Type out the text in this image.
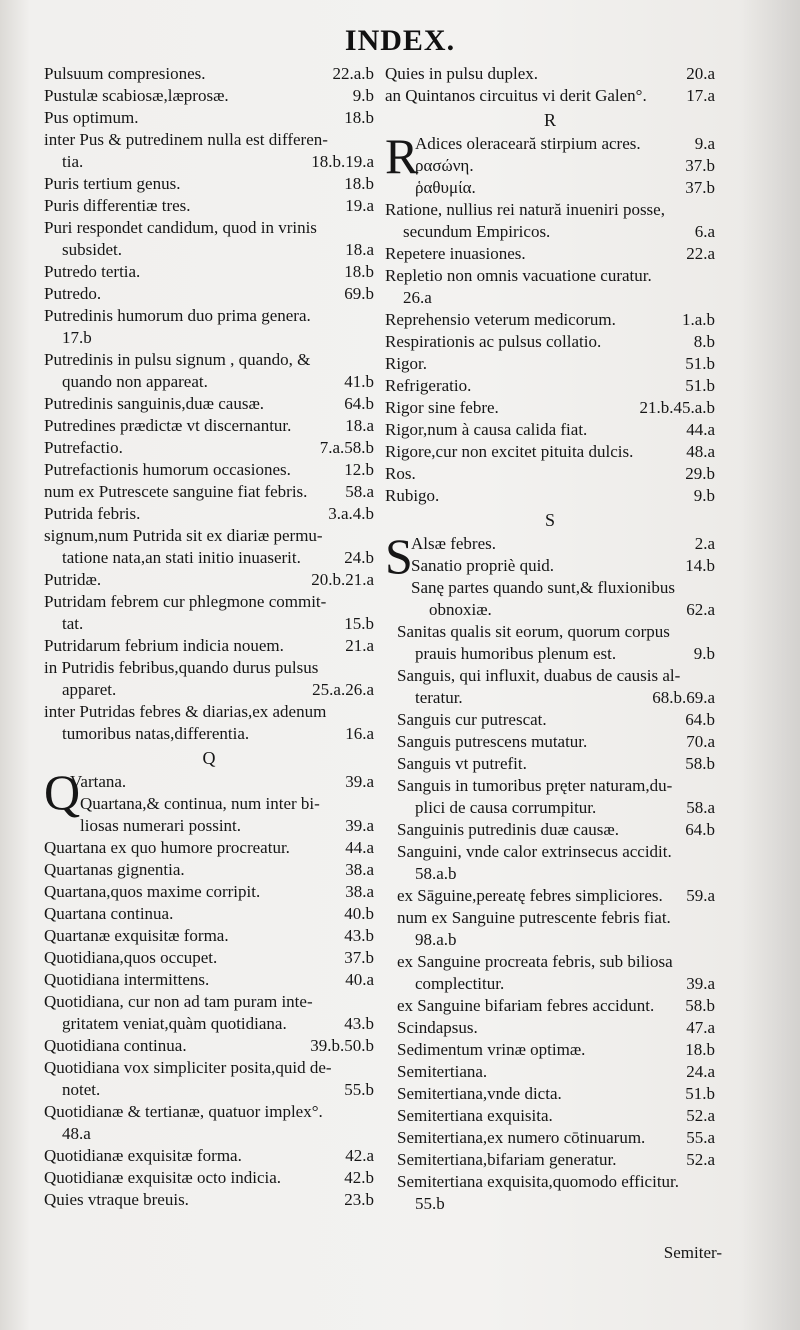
INDEX.
Pulsuum compresiones.	22.a.b
Pustulæ scabiosæ,læprosæ.	9.b
Pus optimum.	18.b
inter Pus & putredinem nulla est differen-
tia.	18.b.19.a
Puris tertium genus.	18.b
Puris differentiæ tres.	19.a
Puri respondet candidum, quod in vrinis
subsidet.	18.a
Putredo tertia.	18.b
Putredo.	69.b
Putredinis humorum duo prima genera.
17.b
Putredinis in pulsu signum , quando, &
quando non appareat.	41.b
Putredinis sanguinis,duæ causæ.	64.b
Putredines prædictæ vt discernantur.	18.a
Putrefactio.	7.a.58.b
Putrefactionis humorum occasiones.	12.b
num ex Putrescete sanguine fiat febris. 58.a
Putrida febris.	3.a.4.b
signum,num Putrida sit ex diariæ permu-
tatione nata,an stati initio inuaserit.	24.b
Putridæ.	20.b.21.a
Putridam febrem cur phlegmone commit-
tat.	15.b
Putridarum febrium indicia nouem.	21.a
in Putridis febribus,quando durus pulsus
apparet.	25.a.26.a
inter Putridas febres & diarias,ex adenum
tumoribus natas,differentia.	16.a
Q
Q
Vartana.	39.a
Quartana,& continua, num inter bi-
liosas numerari possint.	39.a
Quartana ex quo humore procreatur.	44.a
Quartanas gignentia.	38.a
Quartana,quos maxime corripit.	38.a
Quartana continua.	40.b
Quartanæ exquisitæ forma.	43.b
Quotidiana,quos occupet.	37.b
Quotidiana intermittens.	40.a
Quotidiana, cur non ad tam puram inte-
gritatem veniat,quàm quotidiana.	43.b
Quotidiana continua.	39.b.50.b
Quotidiana vox simpliciter posita,quid de-
notet.	55.b
Quotidianæ & tertianæ, quatuor implex°.
48.a
Quotidianæ exquisitæ forma.	42.a
Quotidianæ exquisitæ octo indicia.	42.b
Quies vtraque breuis.	23.b
Quies in pulsu duplex.	20.a
an Quintanos circuitus vi derit Galen°. 17.a
R
R
Adices oleraceară stirpium acres.	9.a
ρασώνη.	37.b
ῥαθυμία.	37.b
Ratione, nullius rei natură inueniri posse,
secundum Empiricos.	6.a
Repetere inuasiones.	22.a
Repletio non omnis vacuatione curatur.
26.a
Reprehensio veterum medicorum.	1.a.b
Respirationis ac pulsus collatio.	8.b
Rigor.	51.b
Refrigeratio.	51.b
Rigor sine febre.	21.b.45.a.b
Rigor,num à causa calida fiat.	44.a
Rigore,cur non excitet pituita dulcis.	48.a
Ros.	29.b
Rubigo.	9.b
S
S
Alsæ febres.	2.a
Sanatio propriè quid.	14.b
Sanę partes quando sunt,& fluxionibus
obnoxiæ.	62.a
Sanitas qualis sit eorum, quorum corpus
prauis humoribus plenum est.	9.b
Sanguis, qui influxit, duabus de causis al-
teratur.	68.b.69.a
Sanguis cur putrescat.	64.b
Sanguis putrescens mutatur.	70.a
Sanguis vt putrefit.	58.b
Sanguis in tumoribus pręter naturam,du-
plici de causa corrumpitur.	58.a
Sanguinis putredinis duæ causæ.	64.b
Sanguini, vnde calor extrinsecus accidit.
58.a.b
ex Sāguine,pereatę febres simpliciores. 59.a
num ex Sanguine putrescente febris fiat.
98.a.b
ex Sanguine procreata febris, sub biliosa
complectitur.	39.a
ex Sanguine bifariam febres accidunt. 58.b
Scindapsus.	47.a
Sedimentum vrinæ optimæ.	18.b
Semitertiana.	24.a
Semitertiana,vnde dicta.	51.b
Semitertiana exquisita.	52.a
Semitertiana,ex numero cōtinuarum. 55.a
Semitertiana,bifariam generatur.	52.a
Semitertiana exquisita,quomodo efficitur.
55.b
Semiter-
